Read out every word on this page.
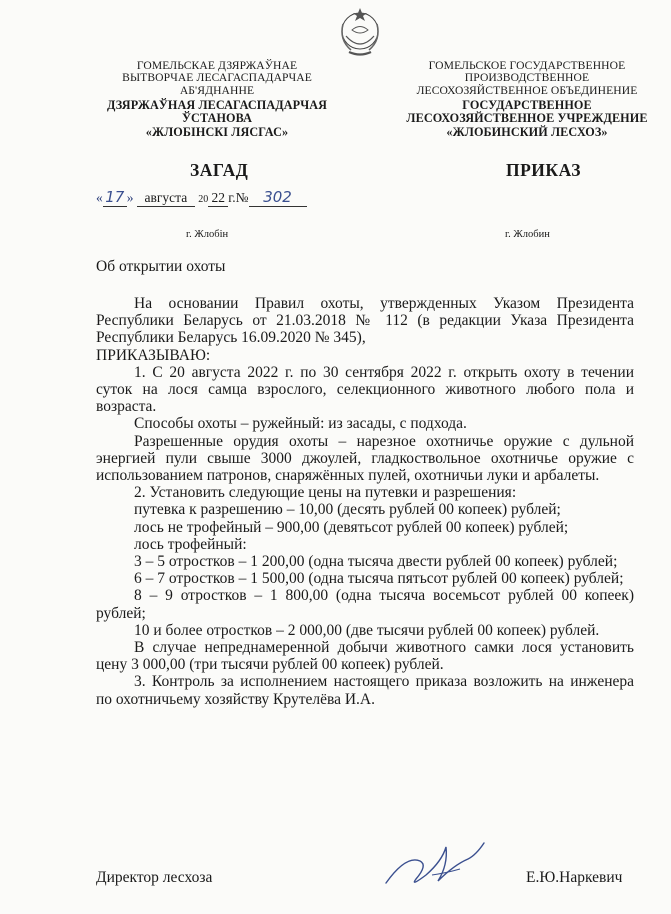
ГОМЕЛЬСКАЕ ДЗЯРЖАЎНАЕ
ВЫТВОРЧАЕ ЛЕСАГАСПАДАРЧАЕ
АБ'ЯДНАННЕ
ДЗЯРЖАЎНАЯ ЛЕСАГАСПАДАРЧАЯ
ЎСТАНОВА
«ЖЛОБІНСКІ ЛЯСГАС»
ГОМЕЛЬСКОЕ ГОСУДАРСТВЕННОЕ
ПРОИЗВОДСТВЕННОЕ
ЛЕСОХОЗЯЙСТВЕННОЕ ОБЪЕДИНЕНИЕ
ГОСУДАРСТВЕННОЕ
ЛЕСОХОЗЯЙСТВЕННОЕ УЧРЕЖДЕНИЕ
«ЖЛОБИНСКИЙ ЛЕСХОЗ»
ЗАГАД	ПРИКАЗ
« 17 » августа 20 22 г.№ 302
г. Жлобін	г. Жлобин
Об открытии охоты

На основании Правил охоты, утвержденных Указом Президента Республики Беларусь от 21.03.2018 № 112 (в редакции Указа Президента Республики Беларусь 16.09.2020 № 345),

ПРИКАЗЫВАЮ:

1. С 20 августа 2022 г. по 30 сентября 2022 г. открыть охоту в течении суток на лося самца взрослого, селекционного животного любого пола и возраста.

Способы охоты – ружейный: из засады, с подхода.

Разрешенные орудия охоты – нарезное охотничье оружие с дульной энергией пули свыше 3000 джоулей, гладкоствольное охотничье оружие с использованием патронов, снаряжённых пулей, охотничьи луки и арбалеты.

2. Установить следующие цены на путевки и разрешения:

путевка к разрешению – 10,00 (десять рублей 00 копеек) рублей;

лось не трофейный – 900,00 (девятьсот рублей 00 копеек) рублей;

лось трофейный:

3 – 5 отростков – 1 200,00 (одна тысяча двести рублей 00 копеек) рублей;

6 – 7 отростков – 1 500,00 (одна тысяча пятьсот рублей 00 копеек) рублей;

8 – 9 отростков – 1 800,00 (одна тысяча восемьсот рублей 00 копеек) рублей;

10 и более отростков – 2 000,00 (две тысячи рублей 00 копеек) рублей.

В случае непреднамеренной добычи животного самки лося установить цену 3 000,00 (три тысячи рублей 00 копеек) рублей.

3. Контроль за исполнением настоящего приказа возложить на инженера по охотничьему хозяйству Крутелёва И.А.

Директор лесхоза	Е.Ю.Наркевич
